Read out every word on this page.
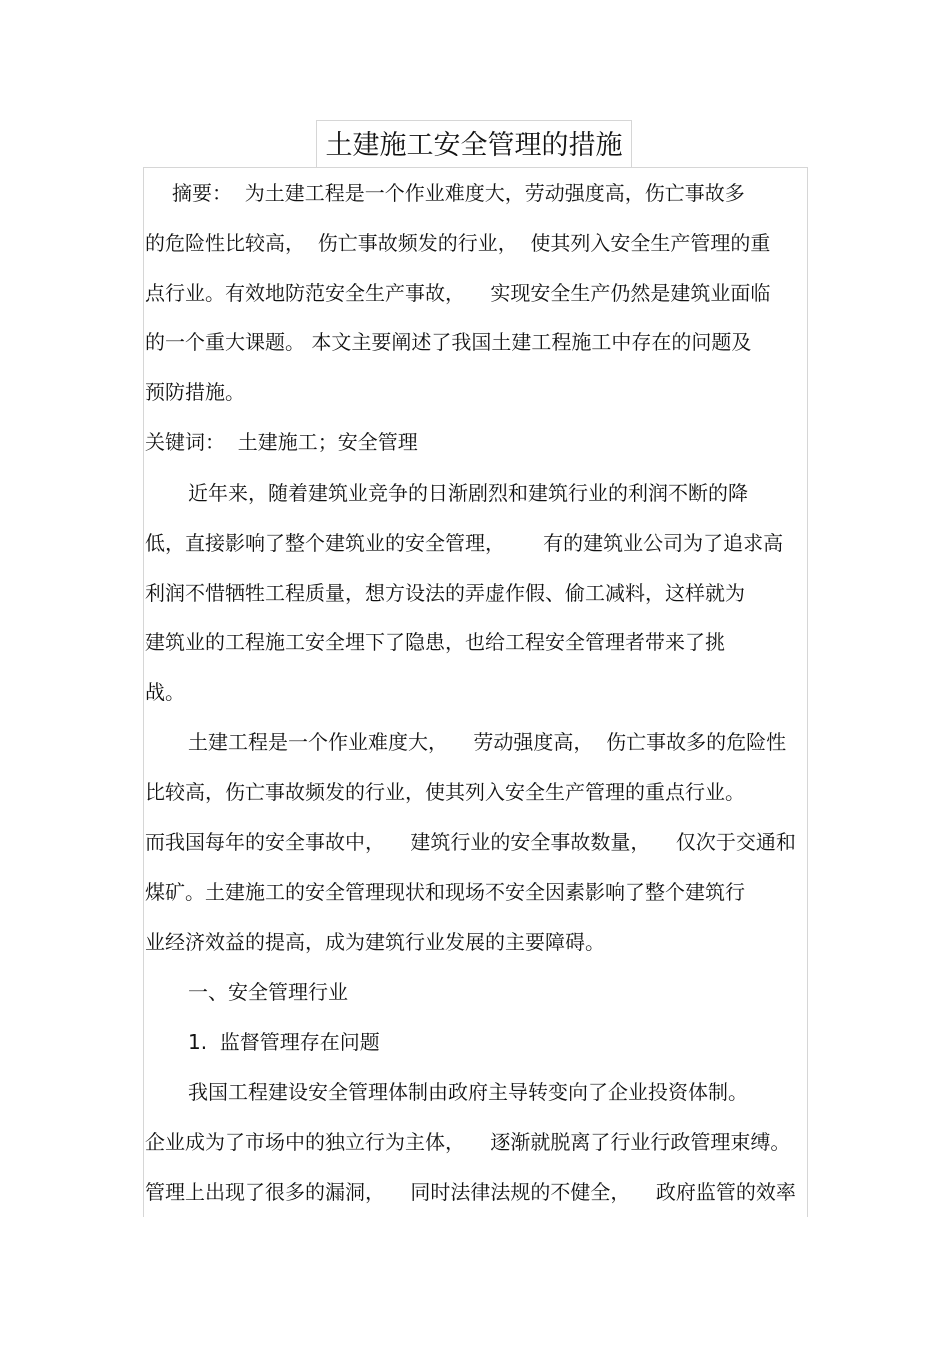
土建施工安全管理的措施
摘要：  为土建工程是一个作业难度大，劳动强度高，伤亡事故多
的危险性比较高，  伤亡事故频发的行业，  使其列入安全生产管理的重
点行业。有效地防范安全生产事故，    实现安全生产仍然是建筑业面临
的一个重大课题。 本文主要阐述了我国土建工程施工中存在的问题及
预防措施。
关键词：  土建施工；安全管理
近年来，随着建筑业竞争的日渐剧烈和建筑行业的利润不断的降
低，直接影响了整个建筑业的安全管理，      有的建筑业公司为了追求高
利润不惜牺牲工程质量，想方设法的弄虚作假、偷工减料，这样就为
建筑业的工程施工安全埋下了隐患，也给工程安全管理者带来了挑
战。
土建工程是一个作业难度大，    劳动强度高，  伤亡事故多的危险性
比较高，伤亡事故频发的行业，使其列入安全生产管理的重点行业。
而我国每年的安全事故中，    建筑行业的安全事故数量，    仅次于交通和
煤矿。土建施工的安全管理现状和现场不安全因素影响了整个建筑行
业经济效益的提高，成为建筑行业发展的主要障碍。
一、安全管理行业
1.  监督管理存在问题
我国工程建设安全管理体制由政府主导转变向了企业投资体制。
企业成为了市场中的独立行为主体，    逐渐就脱离了行业行政管理束缚。
管理上出现了很多的漏洞，    同时法律法规的不健全，    政府监管的效率
